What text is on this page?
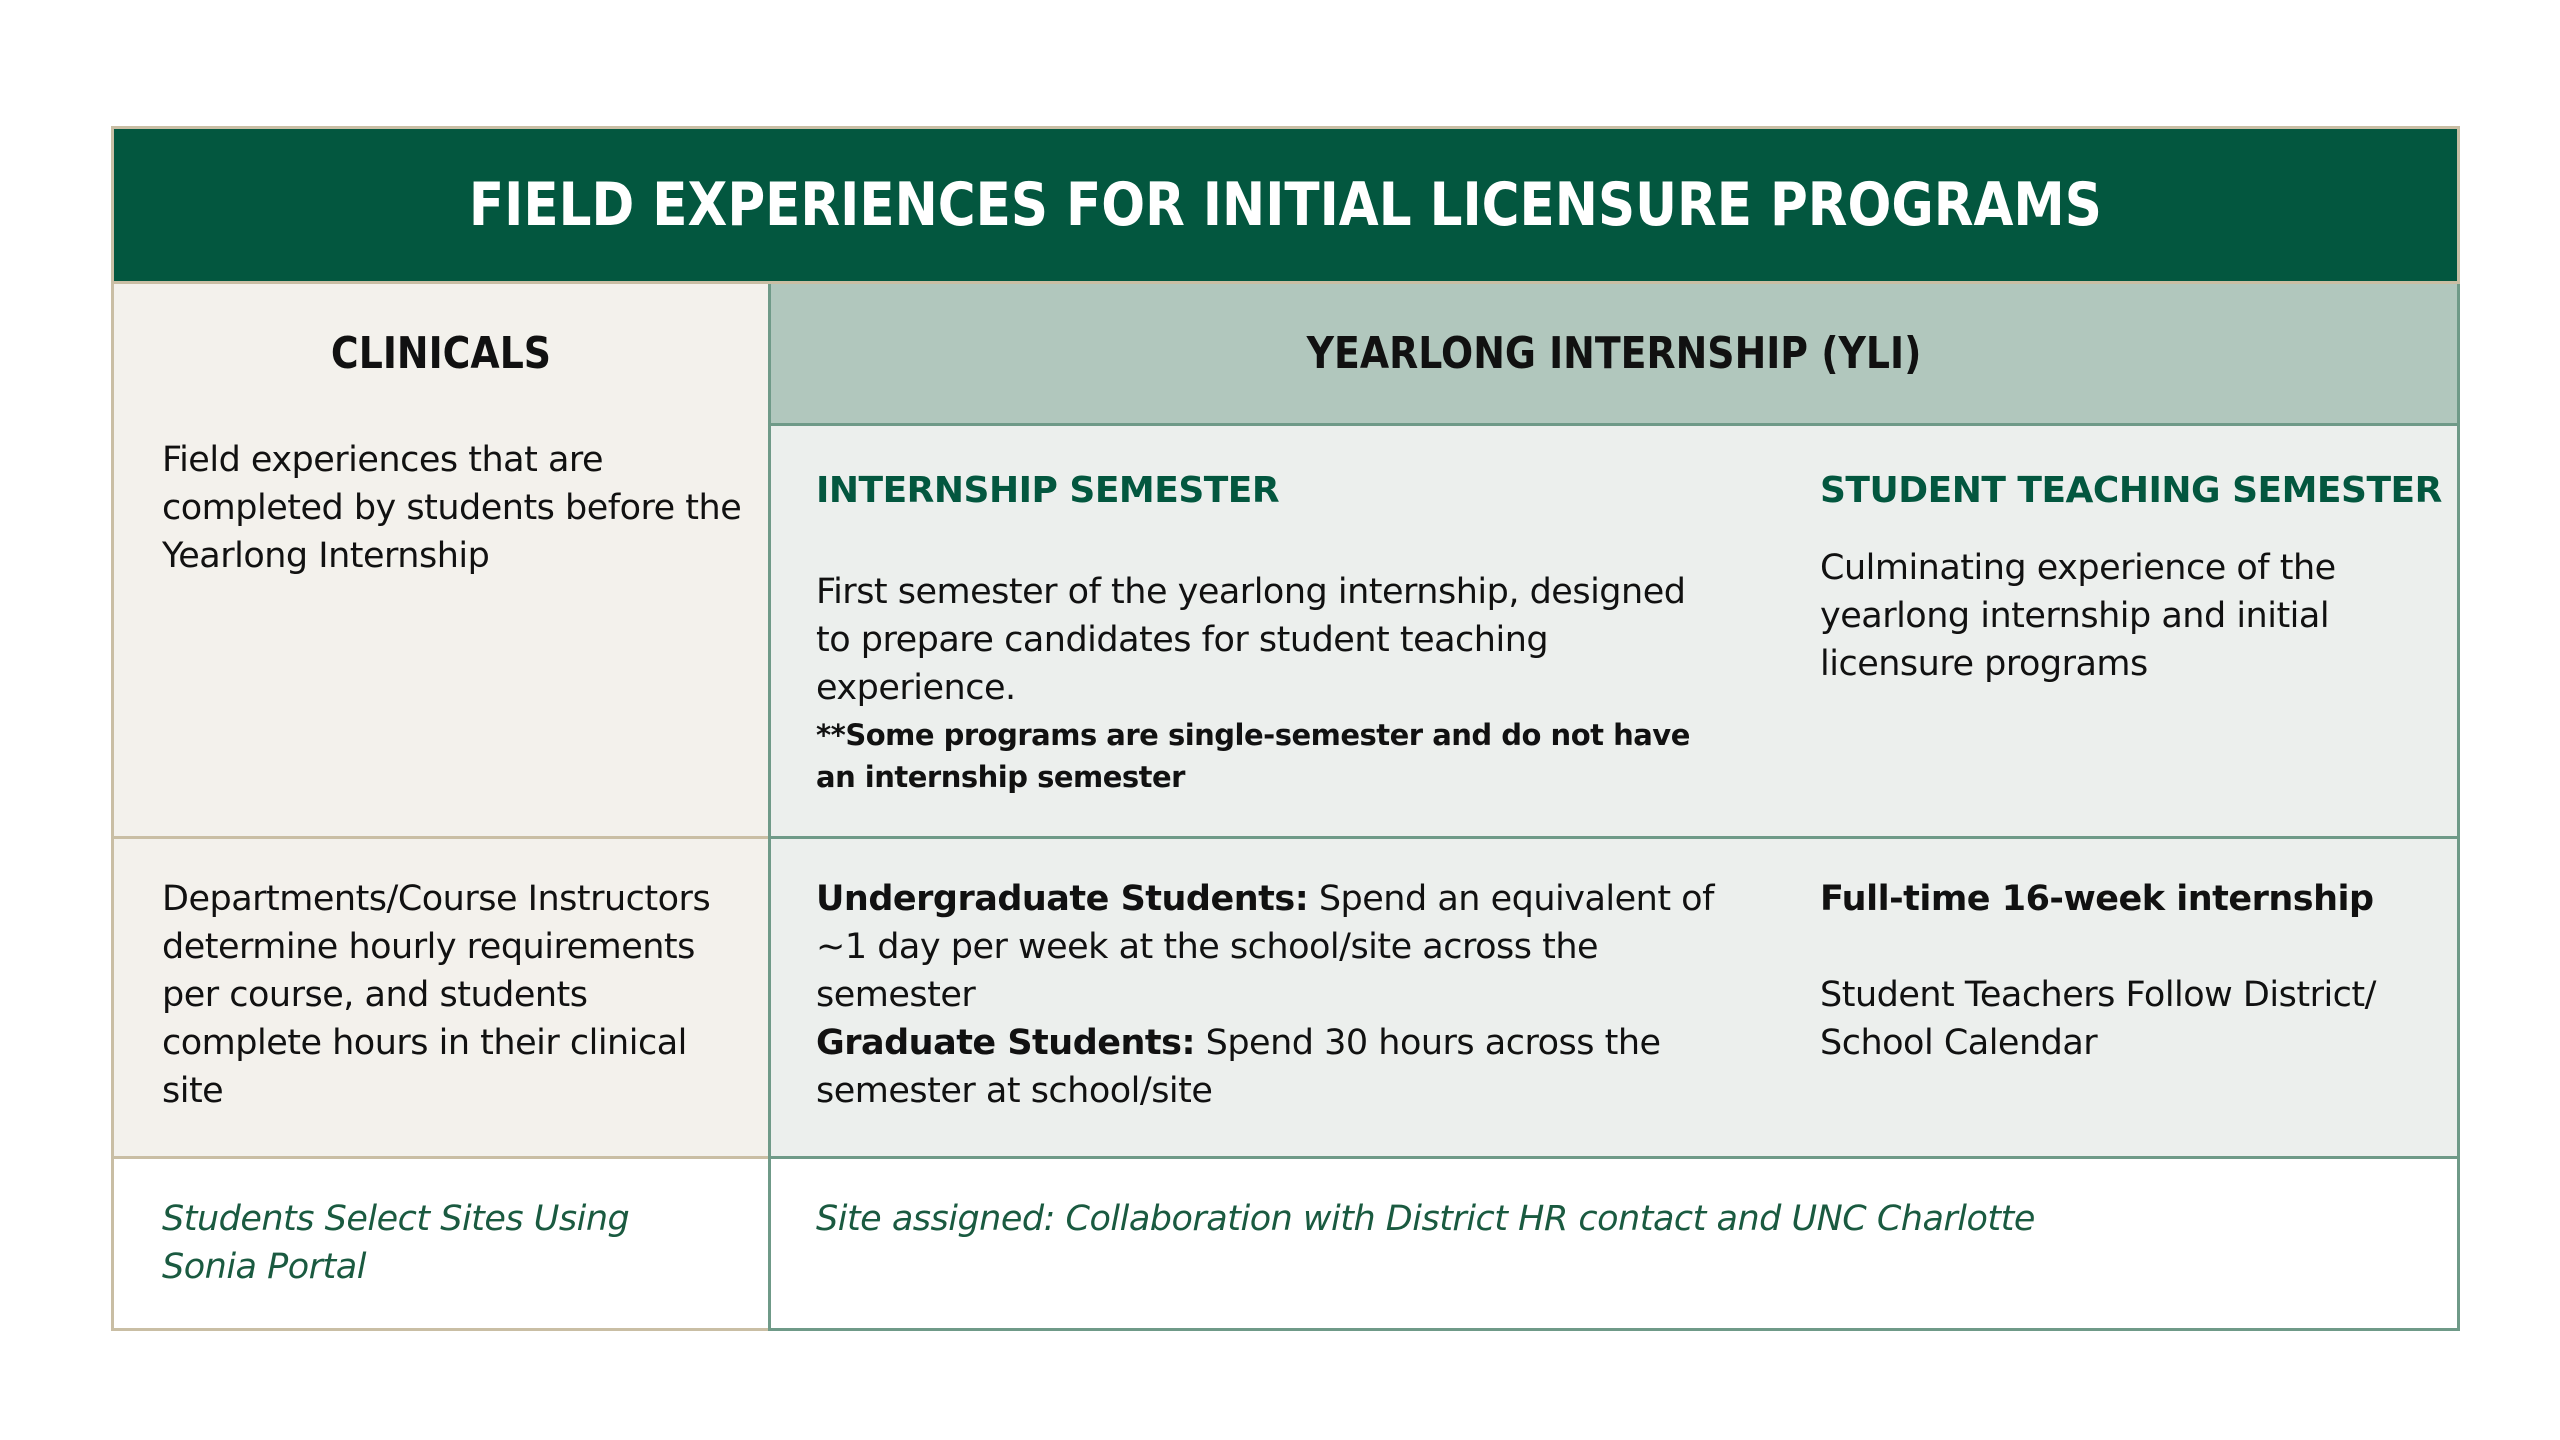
FIELD EXPERIENCES FOR INITIAL LICENSURE PROGRAMS
CLINICALS
Field experiences that are completed by students before the Yearlong Internship
Departments/Course Instructors determine hourly requirements per course, and students complete hours in their clinical site
Students Select Sites Using Sonia Portal
YEARLONG INTERNSHIP (YLI)
INTERNSHIP SEMESTER
First semester of the yearlong internship, designed to prepare candidates for student teaching experience.
**Some programs are single-semester and do not have an internship semester
STUDENT TEACHING SEMESTER
Culminating experience of the yearlong internship and initial licensure programs
Undergraduate Students: Spend an equivalent of ~1 day per week at the school/site across the semester
Graduate Students: Spend 30 hours across the semester at school/site
Full-time 16-week internship
Student Teachers Follow District/ School Calendar
Site assigned: Collaboration with District HR contact and UNC Charlotte
